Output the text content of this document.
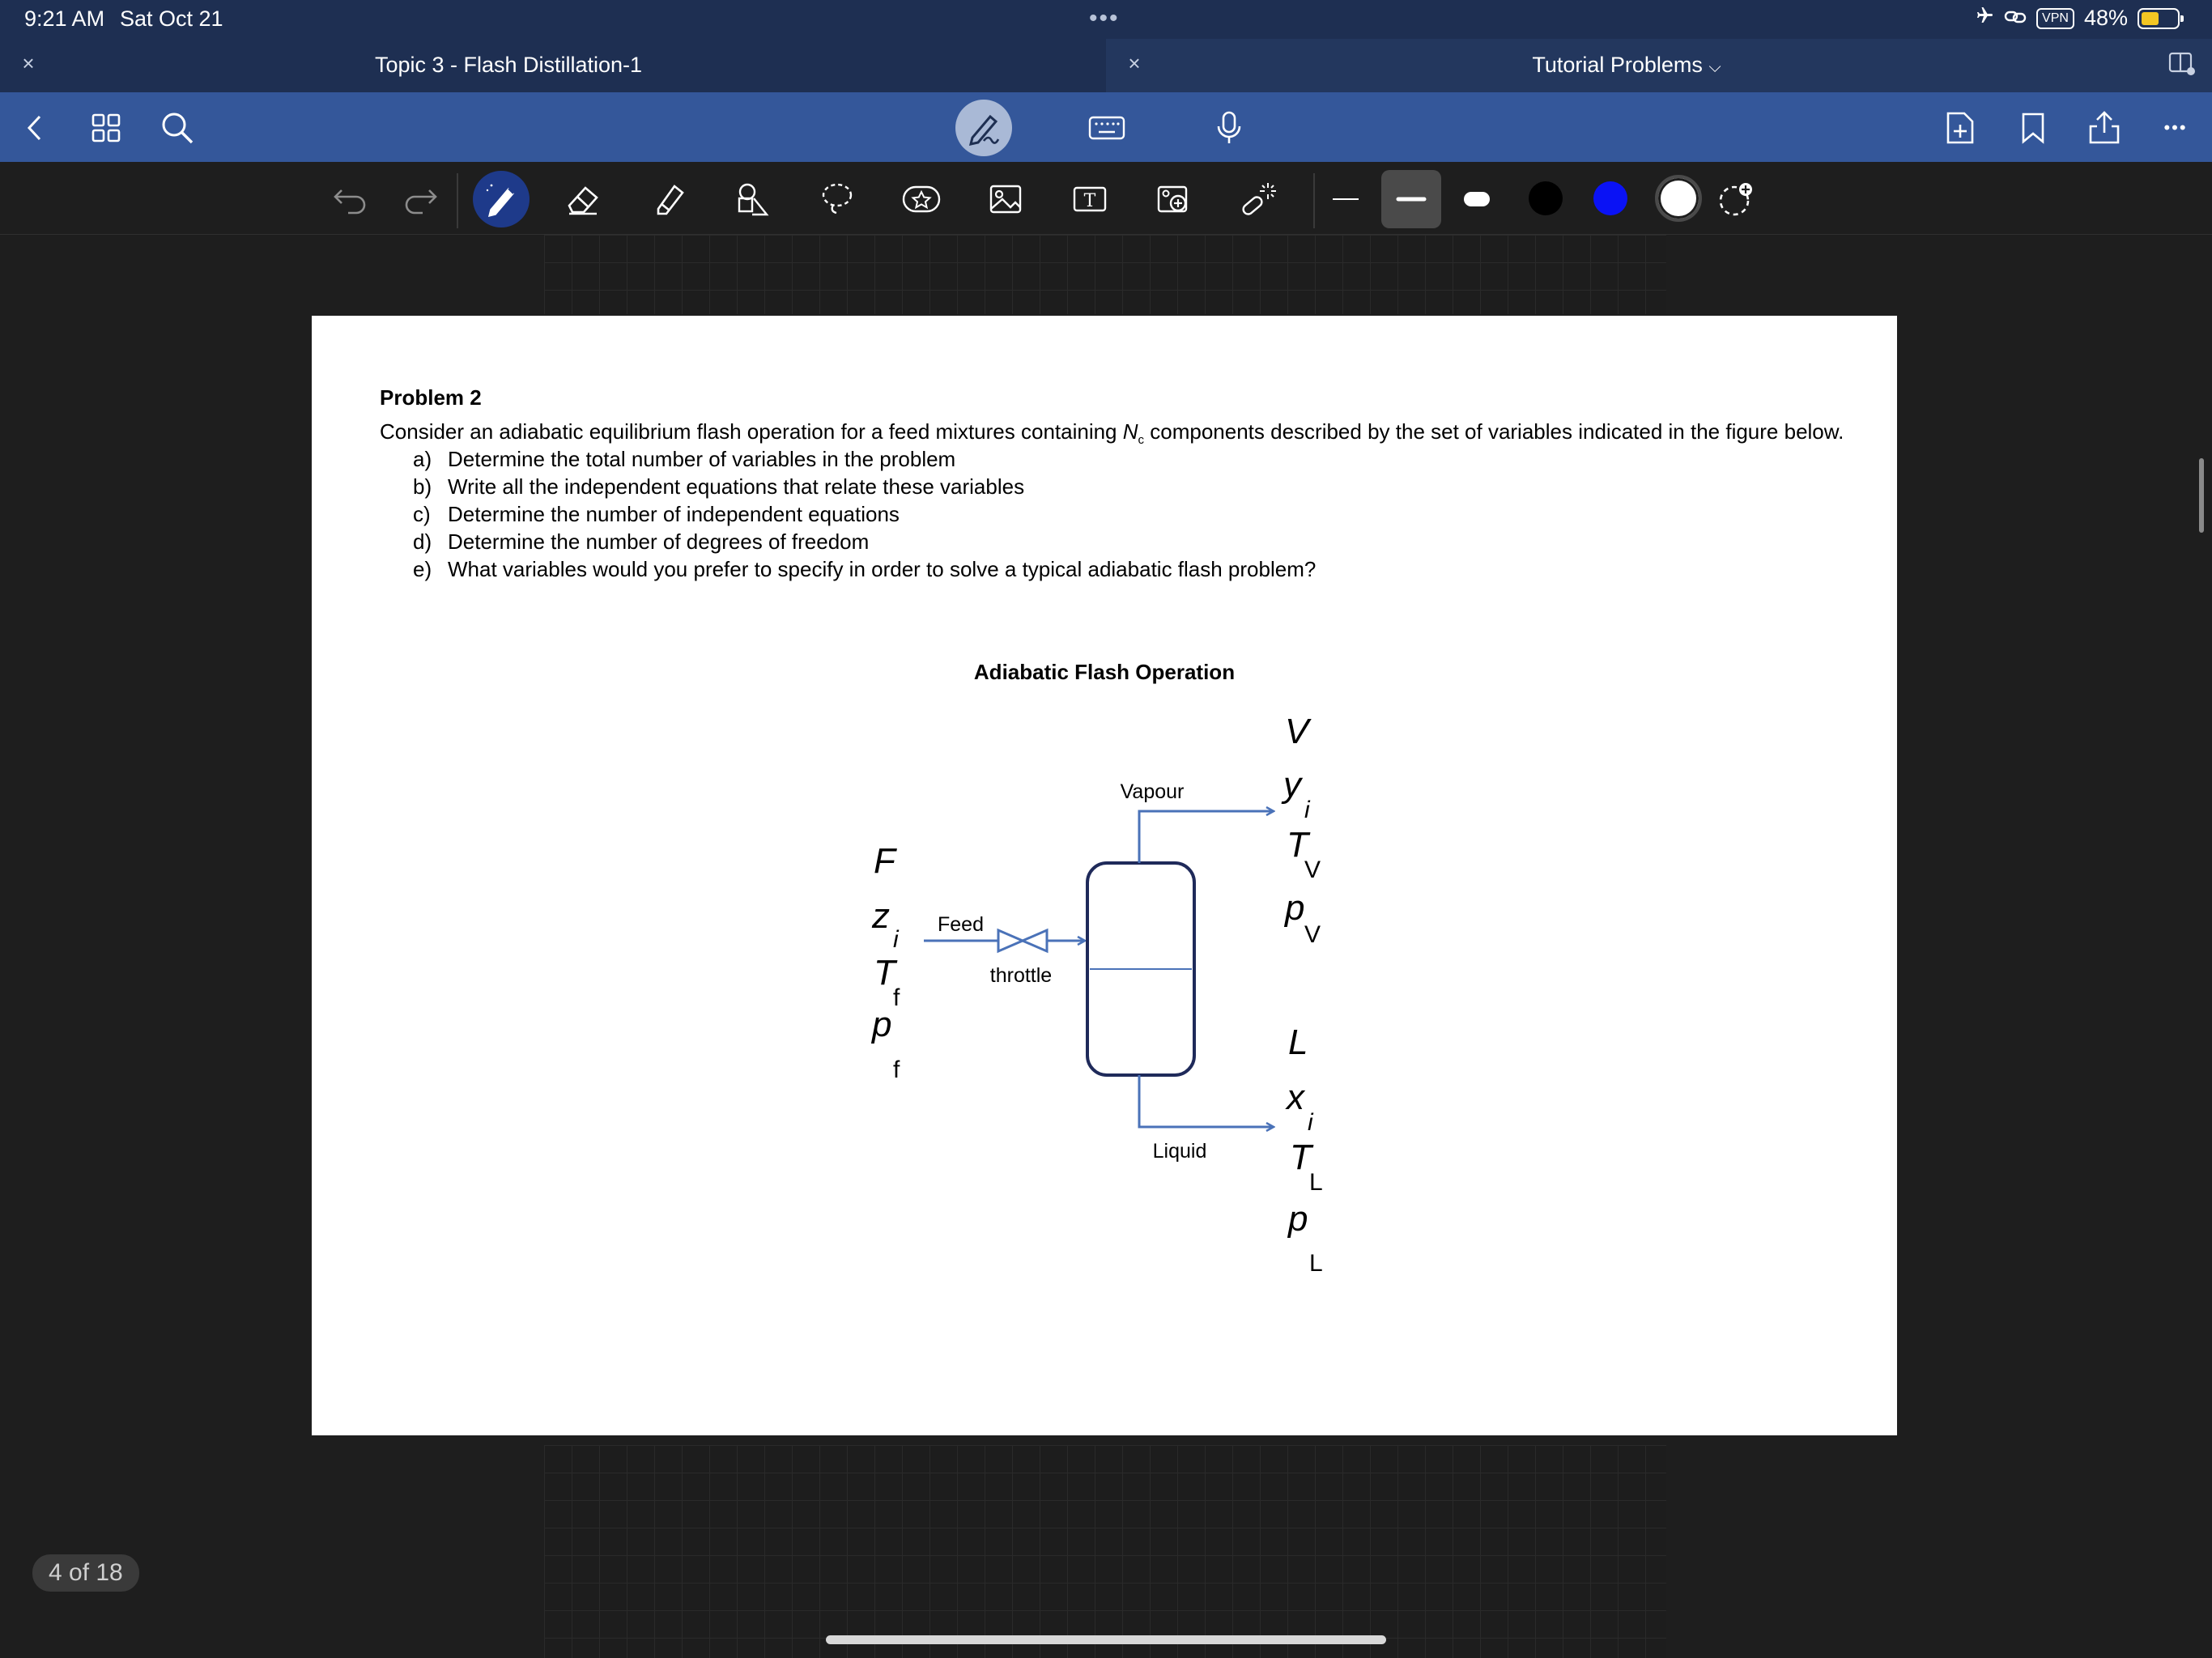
9:21 AM Sat Oct 21	•••	VPN 48%
×	Topic 3 - Flash Distillation-1	×	Tutorial Problems ⌵
•••
T
Problem 2
Consider an adiabatic equilibrium flash operation for a feed mixtures containing $N_c$ components described by the set of variables indicated in the figure below.
a) Determine the total number of variables in the problem
b) Write all the independent equations that relate these variables
c) Determine the number of independent equations
d) Determine the number of degrees of freedom
e) What variables would you prefer to specify in order to solve a typical adiabatic flash problem?
Adiabatic Flash Operation
Feed
throttle
Vapour
Liquid
F
z
i
T
f
p
f
V
y
i
T
V
p
V
L
x
i
T
L
p
L
4 of 18
